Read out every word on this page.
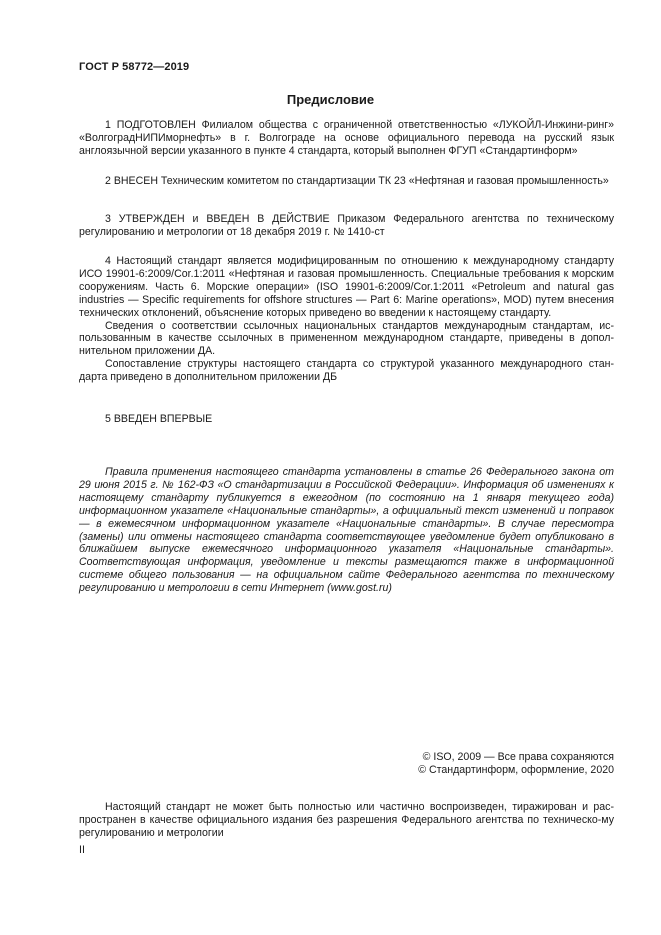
ГОСТ Р 58772—2019
Предисловие

1 ПОДГОТОВЛЕН Филиалом общества с ограниченной ответственностью «ЛУКОЙЛ-Инжини-ринг» «ВолгоградНИПИморнефть» в г. Волгограде на основе официального перевода на русский язык англоязычной версии указанного в пункте 4 стандарта, который выполнен ФГУП «Стандартинформ»

2 ВНЕСЕН Техническим комитетом по стандартизации ТК 23 «Нефтяная и газовая промышленность»

3 УТВЕРЖДЕН и ВВЕДЕН В ДЕЙСТВИЕ Приказом Федерального агентства по техническому регулированию и метрологии от 18 декабря 2019 г. № 1410-ст

4 Настоящий стандарт является модифицированным по отношению к международному стандарту ИСО 19901-6:2009/Cor.1:2011 «Нефтяная и газовая промышленность. Специальные требования к морским сооружениям. Часть 6. Морские операции» (ISO 19901-6:2009/Cor.1:2011 «Petroleum and natural gas industries — Specific requirements for offshore structures — Part 6: Marine operations», MOD) путем внесения технических отклонений, объяснение которых приведено во введении к настоящему стандарту.

Сведения о соответствии ссылочных национальных стандартов международным стандартам, ис-пользованным в качестве ссылочных в примененном международном стандарте, приведены в допол-нительном приложении ДА.

Сопоставление структуры настоящего стандарта со структурой указанного международного стан-дарта приведено в дополнительном приложении ДБ

5 ВВЕДЕН ВПЕРВЫЕ

Правила применения настоящего стандарта установлены в статье 26 Федерального закона от 29 июня 2015 г. № 162-ФЗ «О стандартизации в Российской Федерации». Информация об изменениях к настоящему стандарту публикуется в ежегодном (по состоянию на 1 января текущего года) информационном указателе «Национальные стандарты», а официальный текст изменений и поправок — в ежемесячном информационном указателе «Национальные стандарты». В случае пересмотра (замены) или отмены настоящего стандарта соответствующее уведомление будет опубликовано в ближайшем выпуске ежемесячного информационного указателя «Национальные стандарты». Соответствующая информация, уведомление и тексты размещаются также в информационной системе общего пользования — на официальном сайте Федерального агентства по техническому регулированию и метрологии в сети Интернет (www.gost.ru)

© ISO, 2009 — Все права сохраняются
© Стандартинформ, оформление, 2020

Настоящий стандарт не может быть полностью или частично воспроизведен, тиражирован и рас-пространен в качестве официального издания без разрешения Федерального агентства по техническо-му регулированию и метрологии

II
